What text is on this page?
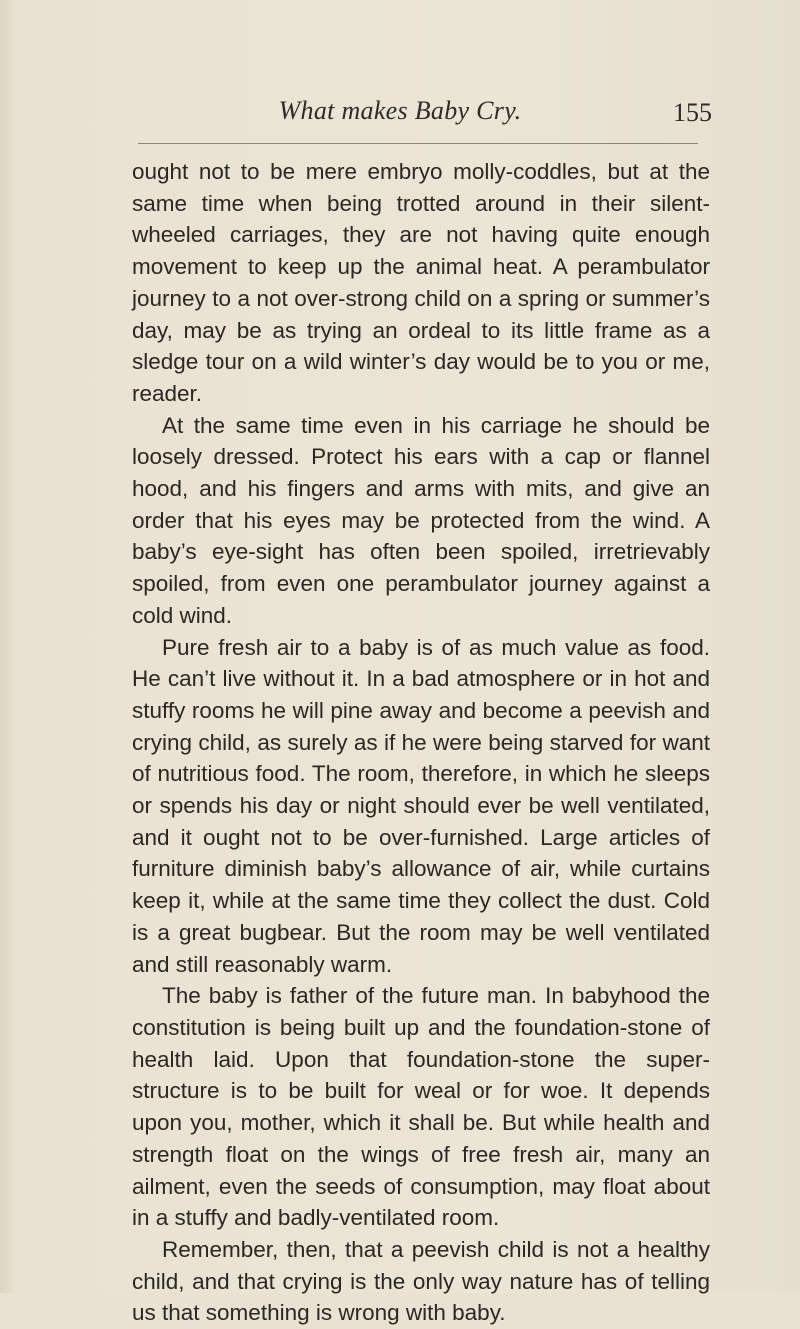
What makes Baby Cry.	155

ought not to be mere embryo molly-coddles, but at the same time when being trotted around in their silent-wheeled carriages, they are not having quite enough movement to keep up the animal heat. A perambulator journey to a not over-strong child on a spring or summer’s day, may be as trying an ordeal to its little frame as a sledge tour on a wild winter’s day would be to you or me, reader.

At the same time even in his carriage he should be loosely dressed. Protect his ears with a cap or flannel hood, and his fingers and arms with mits, and give an order that his eyes may be protected from the wind. A baby’s eye-sight has often been spoiled, irretrievably spoiled, from even one perambulator journey against a cold wind.

Pure fresh air to a baby is of as much value as food. He can’t live without it. In a bad atmosphere or in hot and stuffy rooms he will pine away and become a peevish and crying child, as surely as if he were being starved for want of nutritious food. The room, therefore, in which he sleeps or spends his day or night should ever be well ventilated, and it ought not to be over-furnished. Large articles of furniture diminish baby’s allowance of air, while curtains keep it, while at the same time they collect the dust. Cold is a great bugbear. But the room may be well ventilated and still reasonably warm.

The baby is father of the future man. In babyhood the constitution is being built up and the foundation-stone of health laid. Upon that foundation-stone the super-structure is to be built for weal or for woe. It depends upon you, mother, which it shall be. But while health and strength float on the wings of free fresh air, many an ailment, even the seeds of consumption, may float about in a stuffy and badly-ventilated room.

Remember, then, that a peevish child is not a healthy child, and that crying is the only way nature has of telling us that something is wrong with baby.
